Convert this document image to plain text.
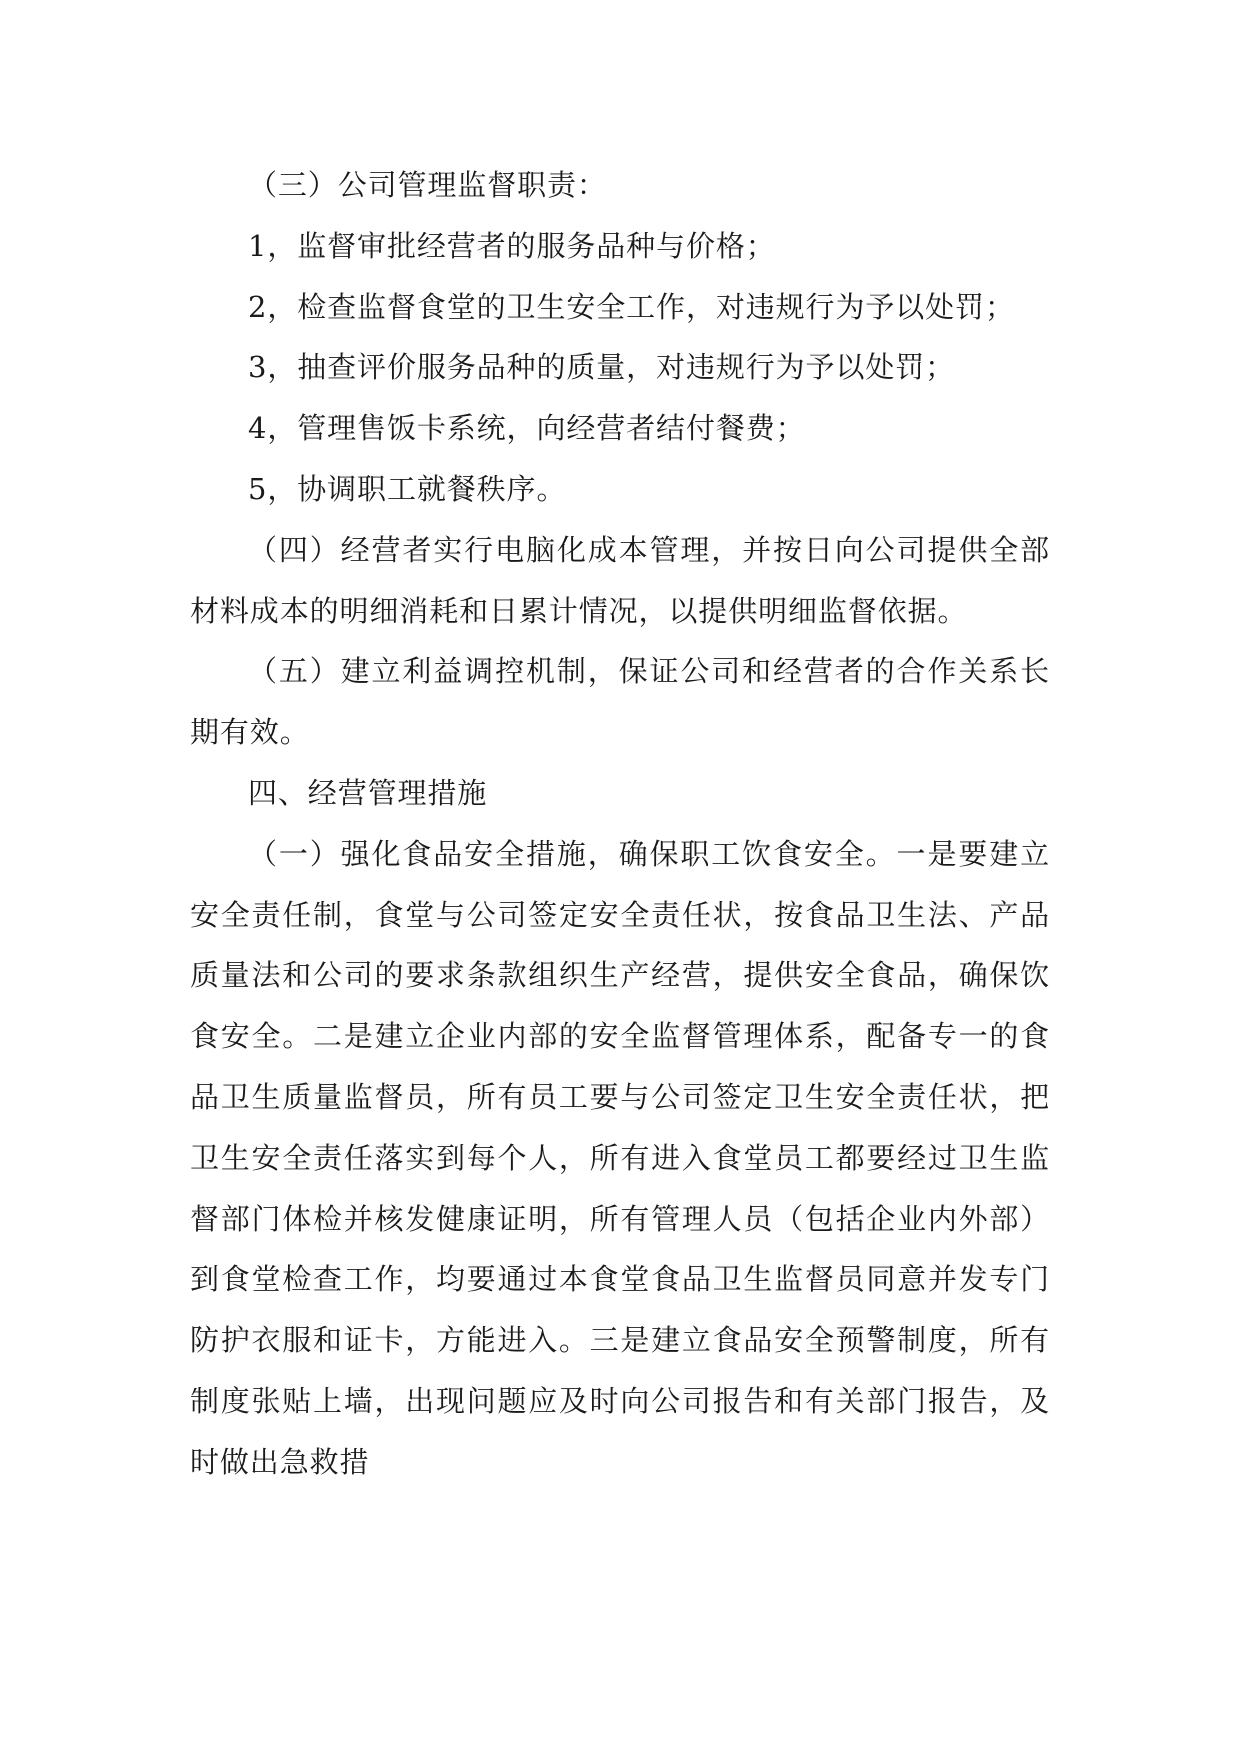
（三）公司管理监督职责：

1，监督审批经营者的服务品种与价格；

2，检查监督食堂的卫生安全工作，对违规行为予以处罚；

3，抽查评价服务品种的质量，对违规行为予以处罚；

4，管理售饭卡系统，向经营者结付餐费；

5，协调职工就餐秩序。

（四）经营者实行电脑化成本管理，并按日向公司提供全部材料成本的明细消耗和日累计情况，以提供明细监督依据。

（五）建立利益调控机制，保证公司和经营者的合作关系长期有效。

四、经营管理措施

（一）强化食品安全措施，确保职工饮食安全。一是要建立安全责任制，食堂与公司签定安全责任状，按食品卫生法、产品质量法和公司的要求条款组织生产经营，提供安全食品，确保饮食安全。二是建立企业内部的安全监督管理体系，配备专一的食品卫生质量监督员，所有员工要与公司签定卫生安全责任状，把卫生安全责任落实到每个人，所有进入食堂员工都要经过卫生监督部门体检并核发健康证明，所有管理人员（包括企业内外部）到食堂检查工作，均要通过本食堂食品卫生监督员同意并发专门防护衣服和证卡，方能进入。三是建立食品安全预警制度，所有制度张贴上墙，出现问题应及时向公司报告和有关部门报告，及时做出急救措
